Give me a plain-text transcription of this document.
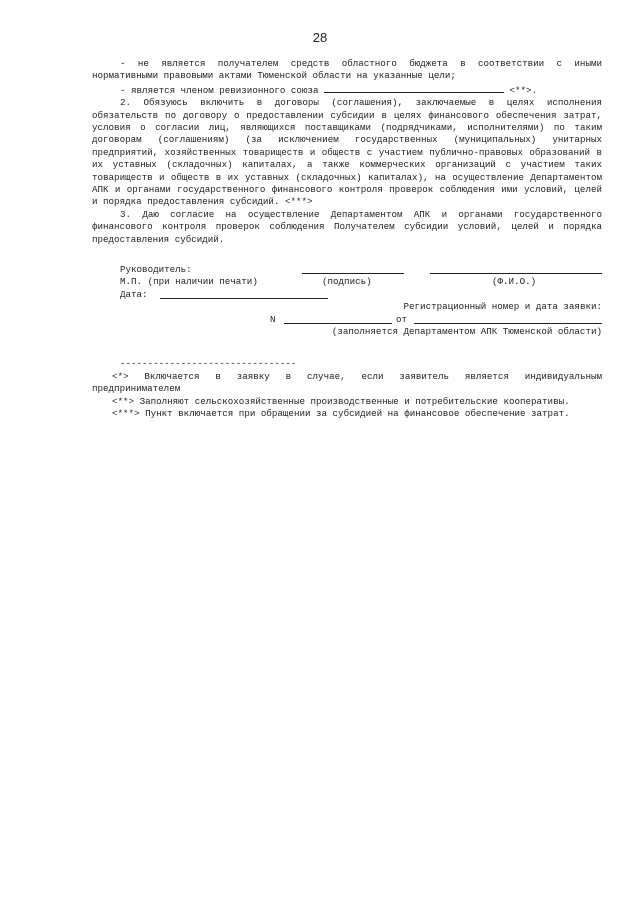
28

- не является получателем средств областного бюджета в соответствии с иными нормативными правовыми актами Тюменской области на указанные цели;

- является членом ревизионного союза	<**>.

2. Обязуюсь включить в договоры (соглашения), заключаемые в целях исполнения обязательств по договору о предоставлении субсидии в целях финансового обеспечения затрат, условия о согласии лиц, являющихся поставщиками (подрядчиками, исполнителями) по таким договорам (соглашениям) (за исключением государственных (муниципальных) унитарных предприятий, хозяйственных товариществ и обществ с участием публично-правовых образований в их уставных (складочных) капиталах, а также коммерческих организаций с участием таких товариществ и обществ в их уставных (складочных) капиталах), на осуществление Департаментом АПК и органами государственного финансового контроля проверок соблюдения ими условий, целей и порядка предоставления субсидий. <***>

3. Даю согласие на осуществление Департаментом АПК и органами государственного финансового контроля проверок соблюдения Получателем субсидии условий, целей и порядка предоставления субсидий.

Руководитель:
М.П. (при наличии печати)	(подпись)	(Ф.И.О.)
Дата:
Регистрационный номер и дата заявки:
N	от
(заполняется Департаментом АПК Тюменской области)
--------------------------------

<*> Включается в заявку в случае, если заявитель является индивидуальным предпринимателем

<**> Заполняют сельскохозяйственные производственные и потребительские кооперативы.

<***> Пункт включается при обращении за субсидией на финансовое обеспечение затрат.
